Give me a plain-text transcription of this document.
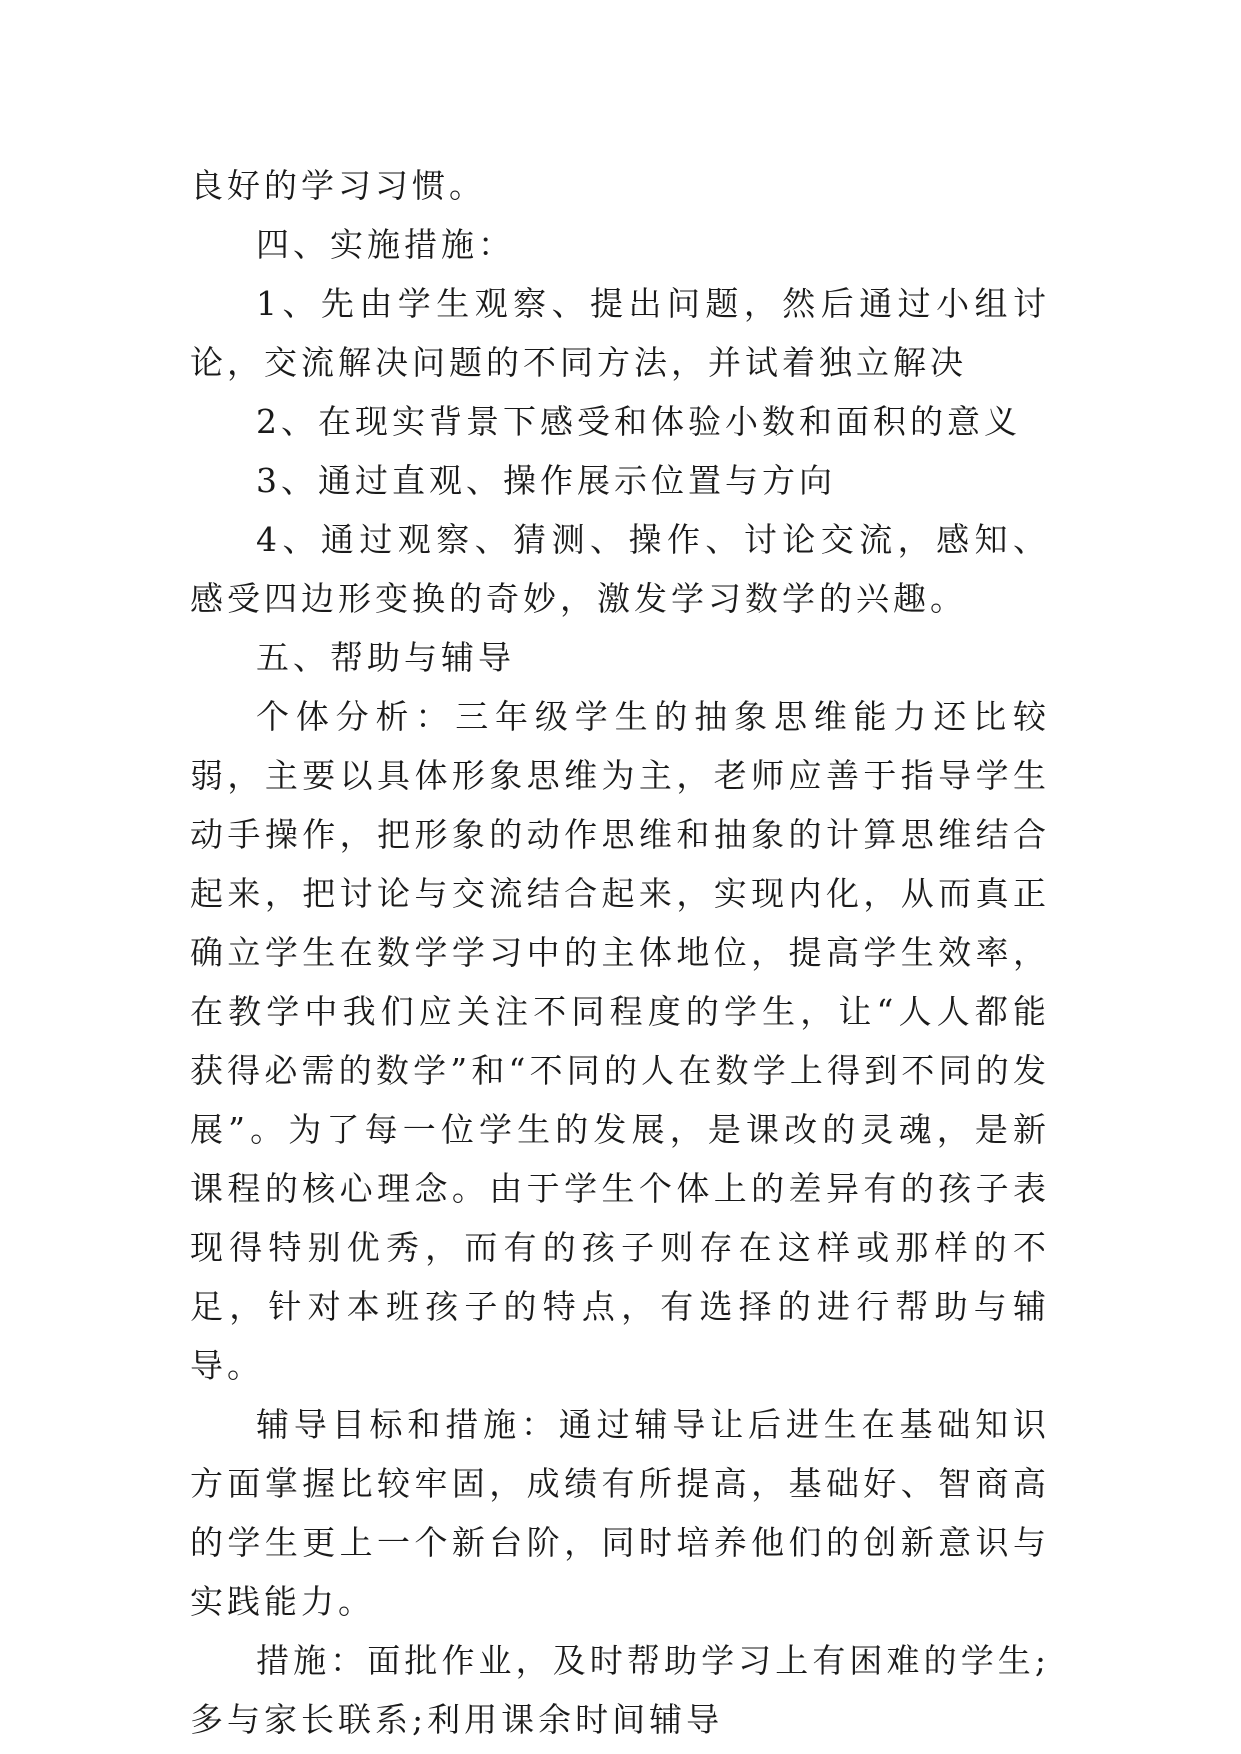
良好的学习习惯。

四、实施措施：

1、先由学生观察、提出问题，然后通过小组讨论，交流解决问题的不同方法，并试着独立解决

2、在现实背景下感受和体验小数和面积的意义

3、通过直观、操作展示位置与方向

4、通过观察、猜测、操作、讨论交流，感知、感受四边形变换的奇妙，激发学习数学的兴趣。

五、帮助与辅导

个体分析：三年级学生的抽象思维能力还比较弱，主要以具体形象思维为主，老师应善于指导学生动手操作，把形象的动作思维和抽象的计算思维结合起来，把讨论与交流结合起来，实现内化，从而真正确立学生在数学学习中的主体地位，提高学生效率，在教学中我们应关注不同程度的学生，让“人人都能获得必需的数学”和“不同的人在数学上得到不同的发展”。为了每一位学生的发展，是课改的灵魂，是新课程的核心理念。由于学生个体上的差异有的孩子表现得特别优秀，而有的孩子则存在这样或那样的不足，针对本班孩子的特点，有选择的进行帮助与辅导。

辅导目标和措施：通过辅导让后进生在基础知识方面掌握比较牢固，成绩有所提高，基础好、智商高的学生更上一个新台阶，同时培养他们的创新意识与实践能力。

措施：面批作业，及时帮助学习上有困难的学生;多与家长联系;利用课余时间辅导
